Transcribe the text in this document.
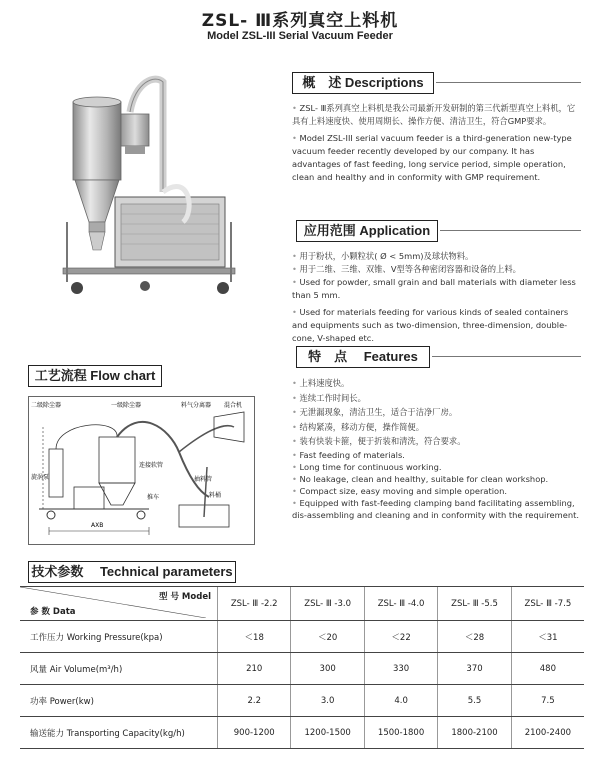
ZSL- Ⅲ系列真空上料机
Model ZSL-III Serial Vacuum Feeder
概　述 Descriptions

• ZSL- Ⅲ系列真空上料机是我公司最新开发研制的第三代新型真空上料机，它具有上料速度快、使用周期长、操作方便、清洁卫生，符合GMP要求。

• Model ZSL-III serial vacuum feeder is a third-generation new-type vacuum feeder recently developed by our company. It has advantages of fast feeding, long service period, simple operation, clean and healthy and in conformity with GMP requirement.

应用范围 Application

• 用于粉状，小颗粒状( Ø < 5mm)及球状物料。

• 用于二维、三维、双锥、V型等各种密闭容器和设备的上料。

• Used for powder, small grain and ball materials with diameter less than 5 mm.

• Used for materials feeding for various kinds of sealed containers and equipments such as two-dimension, three-dimension, double-cone, V-shaped etc.

特　点　 Features
• 上料速度快。
• 连续工作时间长。
• 无泄漏现象，清洁卫生，适合于洁净厂房。
• 结构紧凑，移动方便，操作简便。
• 装有快装卡箍，便于折装和清洗，符合要求。
• Fast feeding of materials.
• Long time for continuous working.
• No leakage, clean and healthy, suitable for clean workshop.
• Compact size, easy moving and simple operation.
• Equipped with fast-feeding clamping band facilitating assembling, dis-assembling and cleaning and in conformity with the requirement.
工艺流程 Flow chart
二级除尘器	一级除尘器	料气分离器 混合机
旋涡泵
连接软管
抽料管
推车	料桶
AXB
技术参数　 Technical parameters
型 号 Model
参 数 Data	ZSL- Ⅲ -2.2	ZSL- Ⅲ -3.0	ZSL- Ⅲ -4.0	ZSL- Ⅲ -5.5	ZSL- Ⅲ -7.5
工作压力 Working Pressure(kpa)	＜18	＜20	＜22	＜28	＜31
风量 Air Volume(m³/h)	210	300	330	370	480
功率 Power(kw)	2.2	3.0	4.0	5.5	7.5
输送能力 Transporting Capacity(kg/h)	900-1200	1200-1500	1500-1800	1800-2100	2100-2400
